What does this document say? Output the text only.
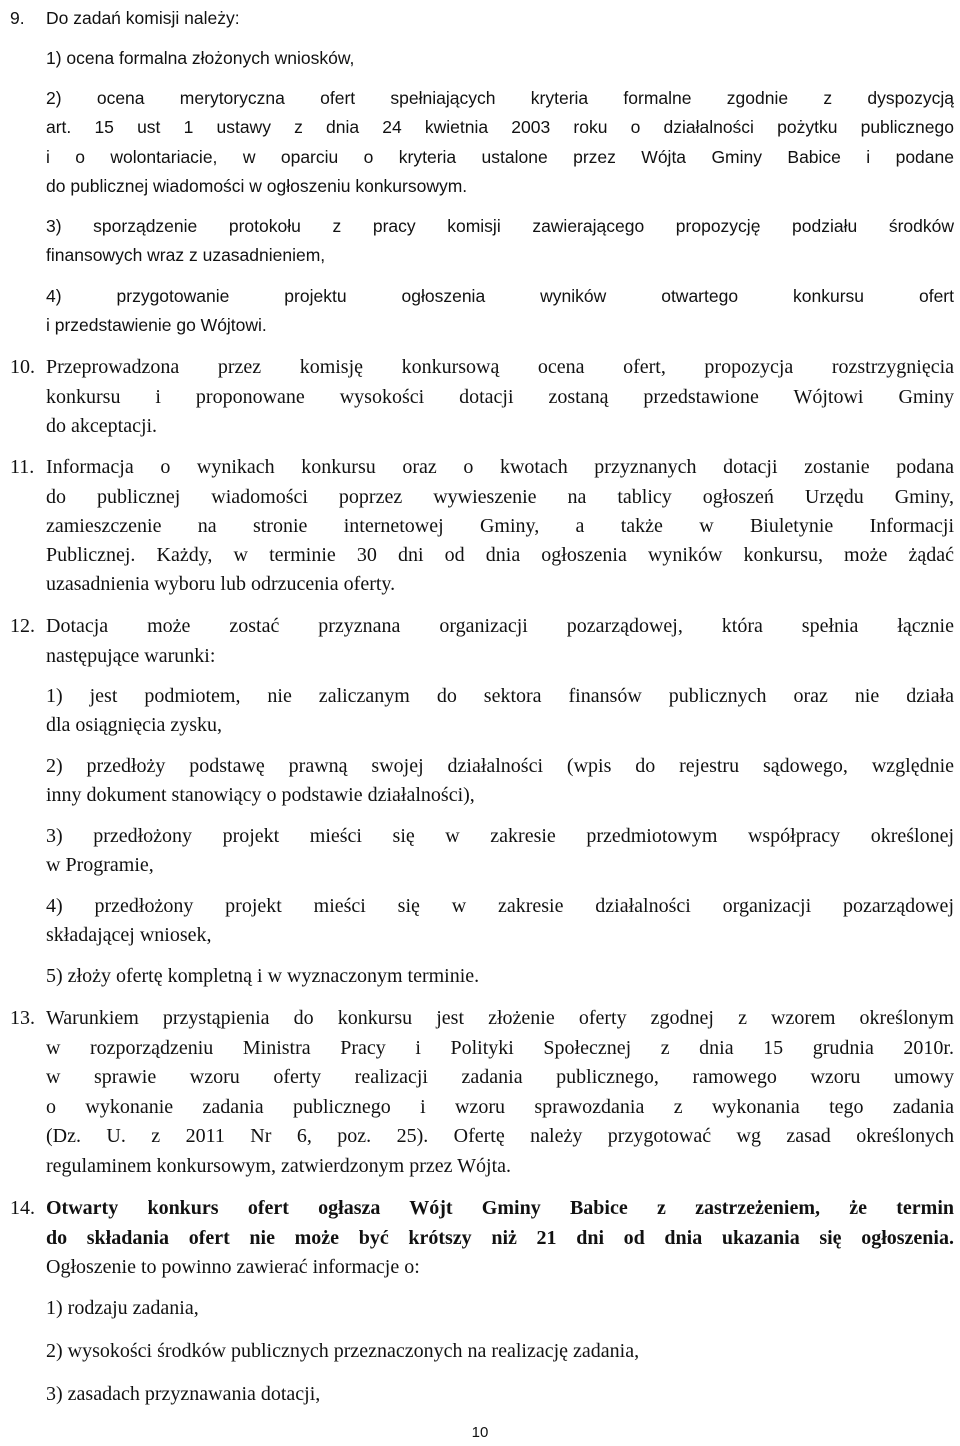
9. Do zadań komisji należy:
1) ocena formalna złożonych wniosków,
2) ocena merytoryczna ofert spełniających kryteria formalne zgodnie z dyspozycją
art. 15 ust 1 ustawy z dnia 24 kwietnia 2003 roku o działalności pożytku publicznego
i o wolontariacie, w oparciu o kryteria ustalone przez Wójta Gminy Babice i podane
do publicznej wiadomości w ogłoszeniu konkursowym.
3) sporządzenie protokołu z pracy komisji zawierającego propozycję podziału środków
finansowych wraz z uzasadnieniem,
4) przygotowanie projektu ogłoszenia wyników otwartego konkursu ofert
i przedstawienie go Wójtowi.
10. Przeprowadzona przez komisję konkursową ocena ofert, propozycja rozstrzygnięcia
konkursu i proponowane wysokości dotacji zostaną przedstawione Wójtowi Gminy
do akceptacji.
11. Informacja o wynikach konkursu oraz o kwotach przyznanych dotacji zostanie podana
do publicznej wiadomości poprzez wywieszenie na tablicy ogłoszeń Urzędu Gminy,
zamieszczenie na stronie internetowej Gminy, a także w Biuletynie Informacji
Publicznej. Każdy, w terminie 30 dni od dnia ogłoszenia wyników konkursu, może żądać
uzasadnienia wyboru lub odrzucenia oferty.
12. Dotacja może zostać przyznana organizacji pozarządowej, która spełnia łącznie
następujące warunki:
1) jest podmiotem, nie zaliczanym do sektora finansów publicznych oraz nie działa
dla osiągnięcia zysku,
2) przedłoży podstawę prawną swojej działalności (wpis do rejestru sądowego, względnie
inny dokument stanowiący o podstawie działalności),
3) przedłożony projekt mieści się w zakresie przedmiotowym współpracy określonej
w Programie,
4) przedłożony projekt mieści się w zakresie działalności organizacji pozarządowej
składającej wniosek,
5) złoży ofertę kompletną i w wyznaczonym terminie.
13. Warunkiem przystąpienia do konkursu jest złożenie oferty zgodnej z wzorem określonym
w rozporządzeniu Ministra Pracy i Polityki Społecznej z dnia 15 grudnia 2010r.
w sprawie wzoru oferty realizacji zadania publicznego, ramowego wzoru umowy
o wykonanie zadania publicznego i wzoru sprawozdania z wykonania tego zadania
(Dz. U. z 2011 Nr 6, poz. 25). Ofertę należy przygotować wg zasad określonych
regulaminem konkursowym, zatwierdzonym przez Wójta.
14. Otwarty konkurs ofert ogłasza Wójt Gminy Babice z zastrzeżeniem, że termin
do składania ofert nie może być krótszy niż 21 dni od dnia ukazania się ogłoszenia.
Ogłoszenie to powinno zawierać informacje o:
1) rodzaju zadania,
2) wysokości środków publicznych przeznaczonych na realizację zadania,
3) zasadach przyznawania dotacji,
10
